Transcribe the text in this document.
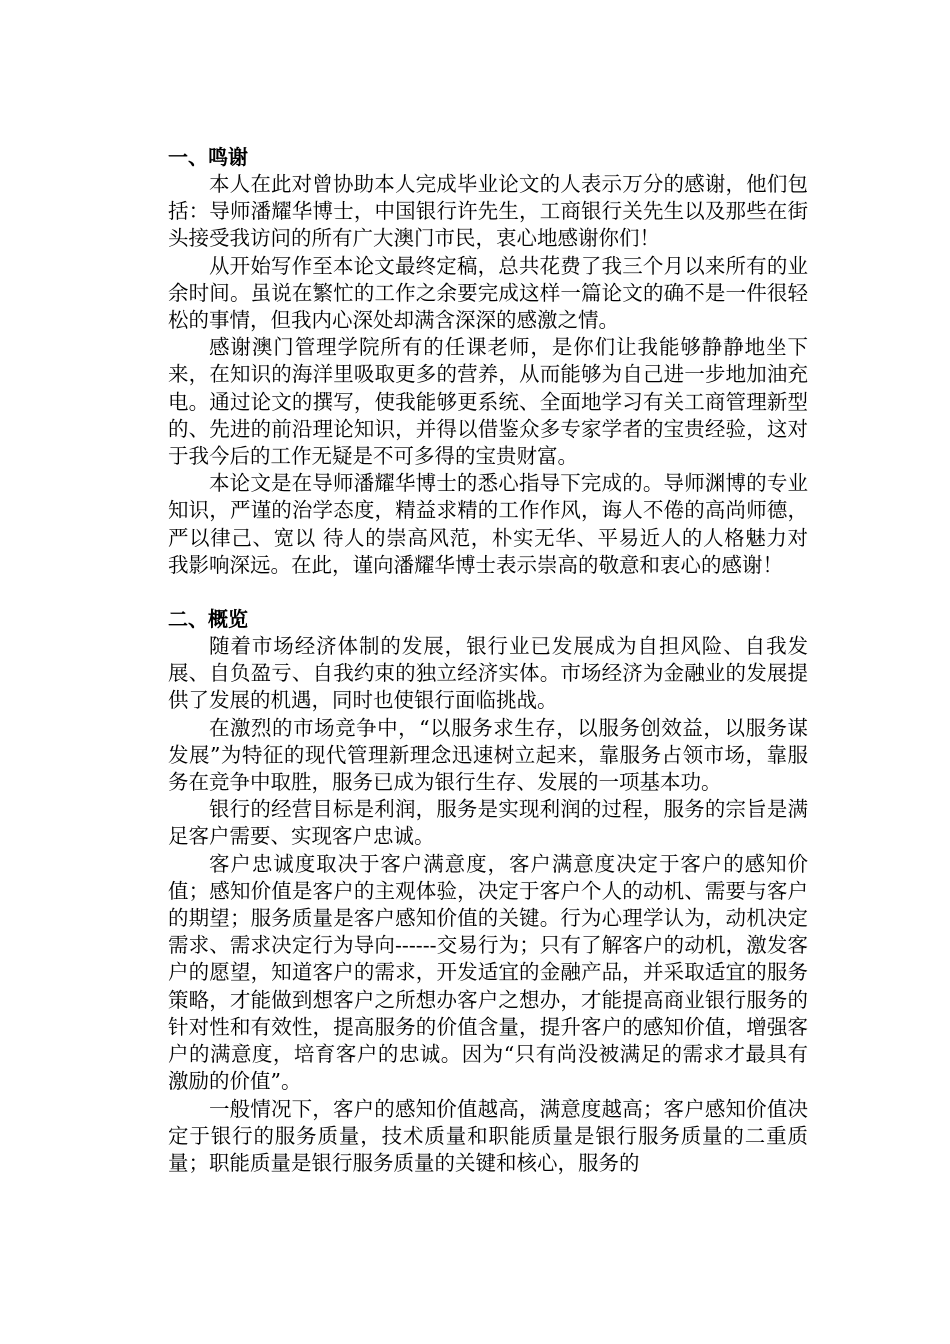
一、鸣谢

本人在此对曾协助本人完成毕业论文的人表示万分的感谢，他们包括：导师潘耀华博士，中国银行许先生，工商银行关先生以及那些在街头接受我访问的所有广大澳门市民，衷心地感谢你们！

从开始写作至本论文最终定稿，总共花费了我三个月以来所有的业余时间。虽说在繁忙的工作之余要完成这样一篇论文的确不是一件很轻松的事情，但我内心深处却满含深深的感激之情。

感谢澳门管理学院所有的任课老师，是你们让我能够静静地坐下来，在知识的海洋里吸取更多的营养，从而能够为自己进一步地加油充电。通过论文的撰写，使我能够更系统、全面地学习有关工商管理新型的、先进的前沿理论知识，并得以借鉴众多专家学者的宝贵经验，这对于我今后的工作无疑是不可多得的宝贵财富。

本论文是在导师潘耀华博士的悉心指导下完成的。导师渊博的专业知识，严谨的治学态度，精益求精的工作作风，诲人不倦的高尚师德，严以律己、宽以 待人的崇高风范，朴实无华、平易近人的人格魅力对我影响深远。在此，谨向潘耀华博士表示崇高的敬意和衷心的感谢！

二、概览

随着市场经济体制的发展，银行业已发展成为自担风险、自我发展、自负盈亏、自我约束的独立经济实体。市场经济为金融业的发展提供了发展的机遇，同时也使银行面临挑战。

在激烈的市场竞争中，“以服务求生存，以服务创效益，以服务谋发展”为特征的现代管理新理念迅速树立起来，靠服务占领市场，靠服务在竞争中取胜，服务已成为银行生存、发展的一项基本功。

银行的经营目标是利润，服务是实现利润的过程，服务的宗旨是满足客户需要、实现客户忠诚。

客户忠诚度取决于客户满意度，客户满意度决定于客户的感知价值；感知价值是客户的主观体验，决定于客户个人的动机、需要与客户的期望；服务质量是客户感知价值的关键。行为心理学认为，动机决定需求、需求决定行为导向------交易行为；只有了解客户的动机，激发客户的愿望，知道客户的需求，开发适宜的金融产品，并采取适宜的服务策略，才能做到想客户之所想办客户之想办，才能提高商业银行服务的针对性和有效性，提高服务的价值含量，提升客户的感知价值，增强客户的满意度，培育客户的忠诚。因为“只有尚没被满足的需求才最具有激励的价值”。

一般情况下，客户的感知价值越高，满意度越高；客户感知价值决定于银行的服务质量，技术质量和职能质量是银行服务质量的二重质量；职能质量是银行服务质量的关键和核心，服务的
